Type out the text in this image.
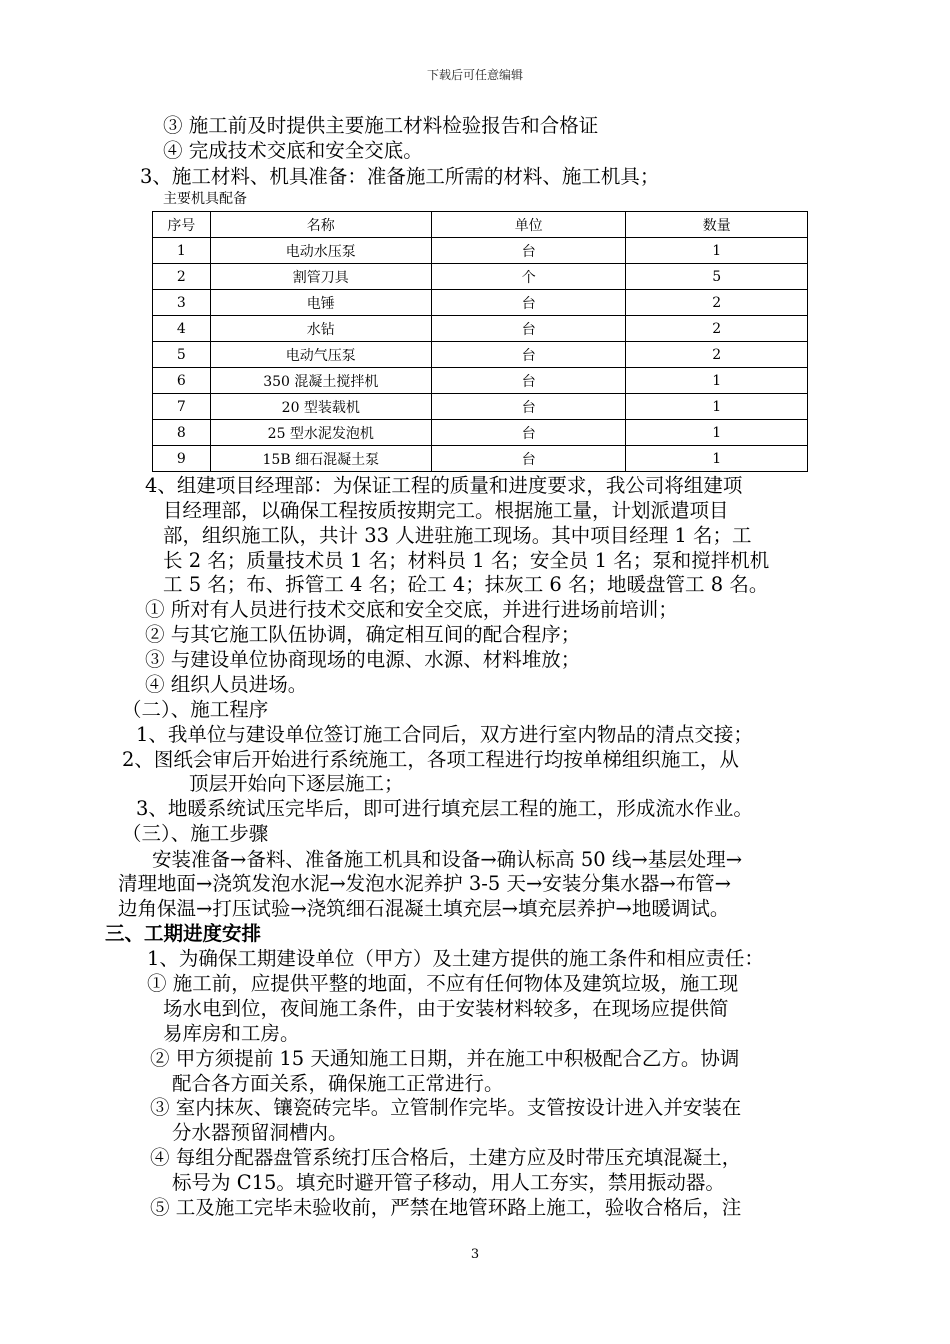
下载后可任意编辑
③ 施工前及时提供主要施工材料检验报告和合格证
④ 完成技术交底和安全交底。
3、施工材料、机具准备：准备施工所需的材料、施工机具；
主要机具配备
序号	名称	单位	数量
1	电动水压泵	台	1
2	割管刀具	个	5
3	电锤	台	2
4	水钻	台	2
5	电动气压泵	台	2
6	350 混凝土搅拌机	台	1
7	20 型装载机	台	1
8	25 型水泥发泡机	台	1
9	15B 细石混凝土泵	台	1
4、组建项目经理部：为保证工程的质量和进度要求，我公司将组建项
目经理部，以确保工程按质按期完工。根据施工量，计划派遣项目
部，组织施工队，共计 33 人进驻施工现场。其中项目经理 1 名；工
长 2 名；质量技术员 1 名；材料员 1 名；安全员 1 名；泵和搅拌机机
工 5 名；布、拆管工 4 名；砼工 4；抹灰工 6 名；地暖盘管工 8 名。
① 所对有人员进行技术交底和安全交底，并进行进场前培训；
② 与其它施工队伍协调，确定相互间的配合程序；
③ 与建设单位协商现场的电源、水源、材料堆放；
④ 组织人员进场。
（二）、施工程序
1、我单位与建设单位签订施工合同后，双方进行室内物品的清点交接；
2、图纸会审后开始进行系统施工，各项工程进行均按单梯组织施工，从
顶层开始向下逐层施工；
3、地暖系统试压完毕后，即可进行填充层工程的施工，形成流水作业。
（三）、施工步骤
安装准备→备料、准备施工机具和设备→确认标高 50 线→基层处理→
清理地面→浇筑发泡水泥→发泡水泥养护 3-5 天→安装分集水器→布管→
边角保温→打压试验→浇筑细石混凝土填充层→填充层养护→地暖调试。
三、工期进度安排
1、为确保工期建设单位（甲方）及土建方提供的施工条件和相应责任：
① 施工前，应提供平整的地面，不应有任何物体及建筑垃圾，施工现
场水电到位，夜间施工条件，由于安装材料较多，在现场应提供简
易库房和工房。
② 甲方须提前 15 天通知施工日期，并在施工中积极配合乙方。协调
配合各方面关系，确保施工正常进行。
③ 室内抹灰、镶瓷砖完毕。立管制作完毕。支管按设计进入并安装在
分水器预留洞槽内。
④ 每组分配器盘管系统打压合格后，土建方应及时带压充填混凝土，
标号为 C15。填充时避开管子移动，用人工夯实，禁用振动器。
⑤ 工及施工完毕未验收前，严禁在地管环路上施工，验收合格后，注
3
